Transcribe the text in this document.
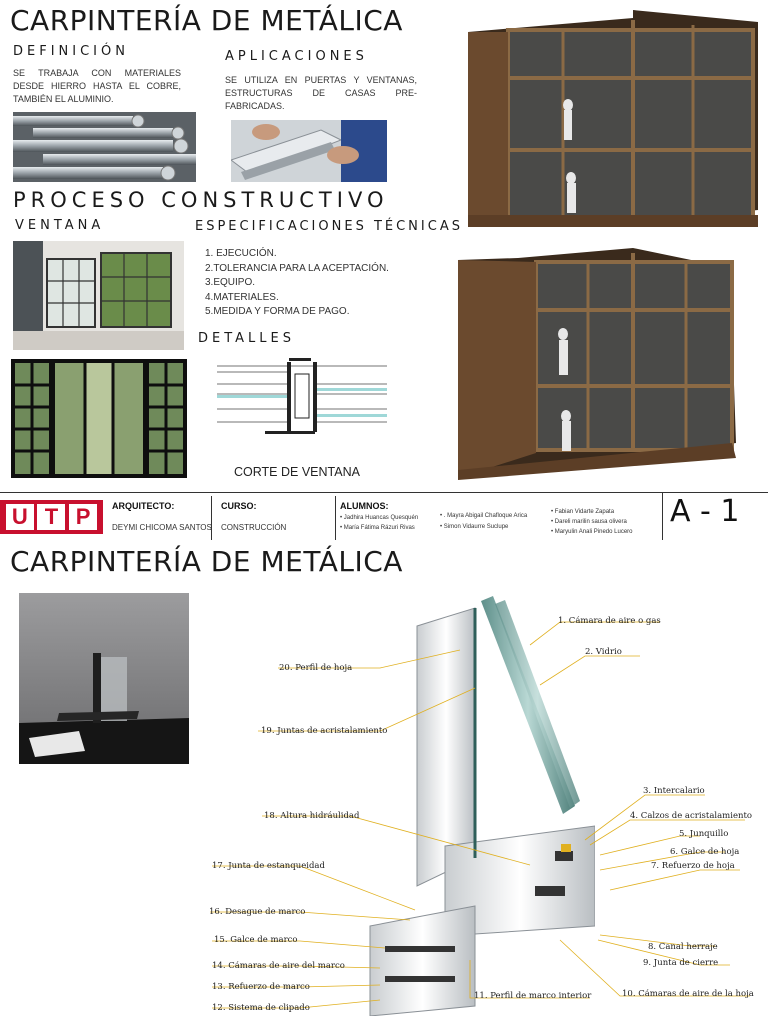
CARPINTERÍA DE METÁLICA
DEFINICIÓN
SE TRABAJA CON MATERIALES DESDE HIERRO HASTA EL COBRE, TAMBIÉN EL ALUMINIO.
APLICACIONES
SE UTILIZA EN PUERTAS Y VENTANAS, ESTRUCTURAS DE CASAS PRE-FABRICADAS.
PROCESO CONSTRUCTIVO
VENTANA	ESPECIFICACIONES TÉCNICAS
1. EJECUCIÓN.
2.TOLERANCIA PARA LA ACEPTACIÓN.
3.EQUIPO.
4.MATERIALES.
5.MEDIDA Y FORMA DE PAGO.
DETALLES
CORTE DE VENTANA
U T P	ARQUITECTO:
DEYMI CHICOMA SANTOS
CURSO:
CONSTRUCCIÓN
ALUMNOS:
• Jadhira Huancas Quesquén
• María Fátima Rázuri Rivas
• . Mayra Abigail Chafloque Arica
• Simon Vidaurre Suclupe
• Fabian Vidarte Zapata
• Dareli marilin sausa olivera
• Maryulin Anali Pinedo Lucero
A - 1
CARPINTERÍA DE METÁLICA
1. Cámara de aire o gas
2. Vidrio
3. Intercalario
4. Calzos de acristalamiento
5. Junquillo
6. Galce de hoja
7. Refuerzo de hoja
8. Canal herraje
9. Junta de cierre
10. Cámaras de aire de la hoja
11. Perfil de marco interior
12. Sistema de clipado
13. Refuerzo de marco
14. Cámaras de aire del marco
15. Galce de marco
16. Desague de marco
17. Junta de estanqueidad
18. Altura hidráulidad
19. Juntas de acristalamiento
20. Perfil de hoja
